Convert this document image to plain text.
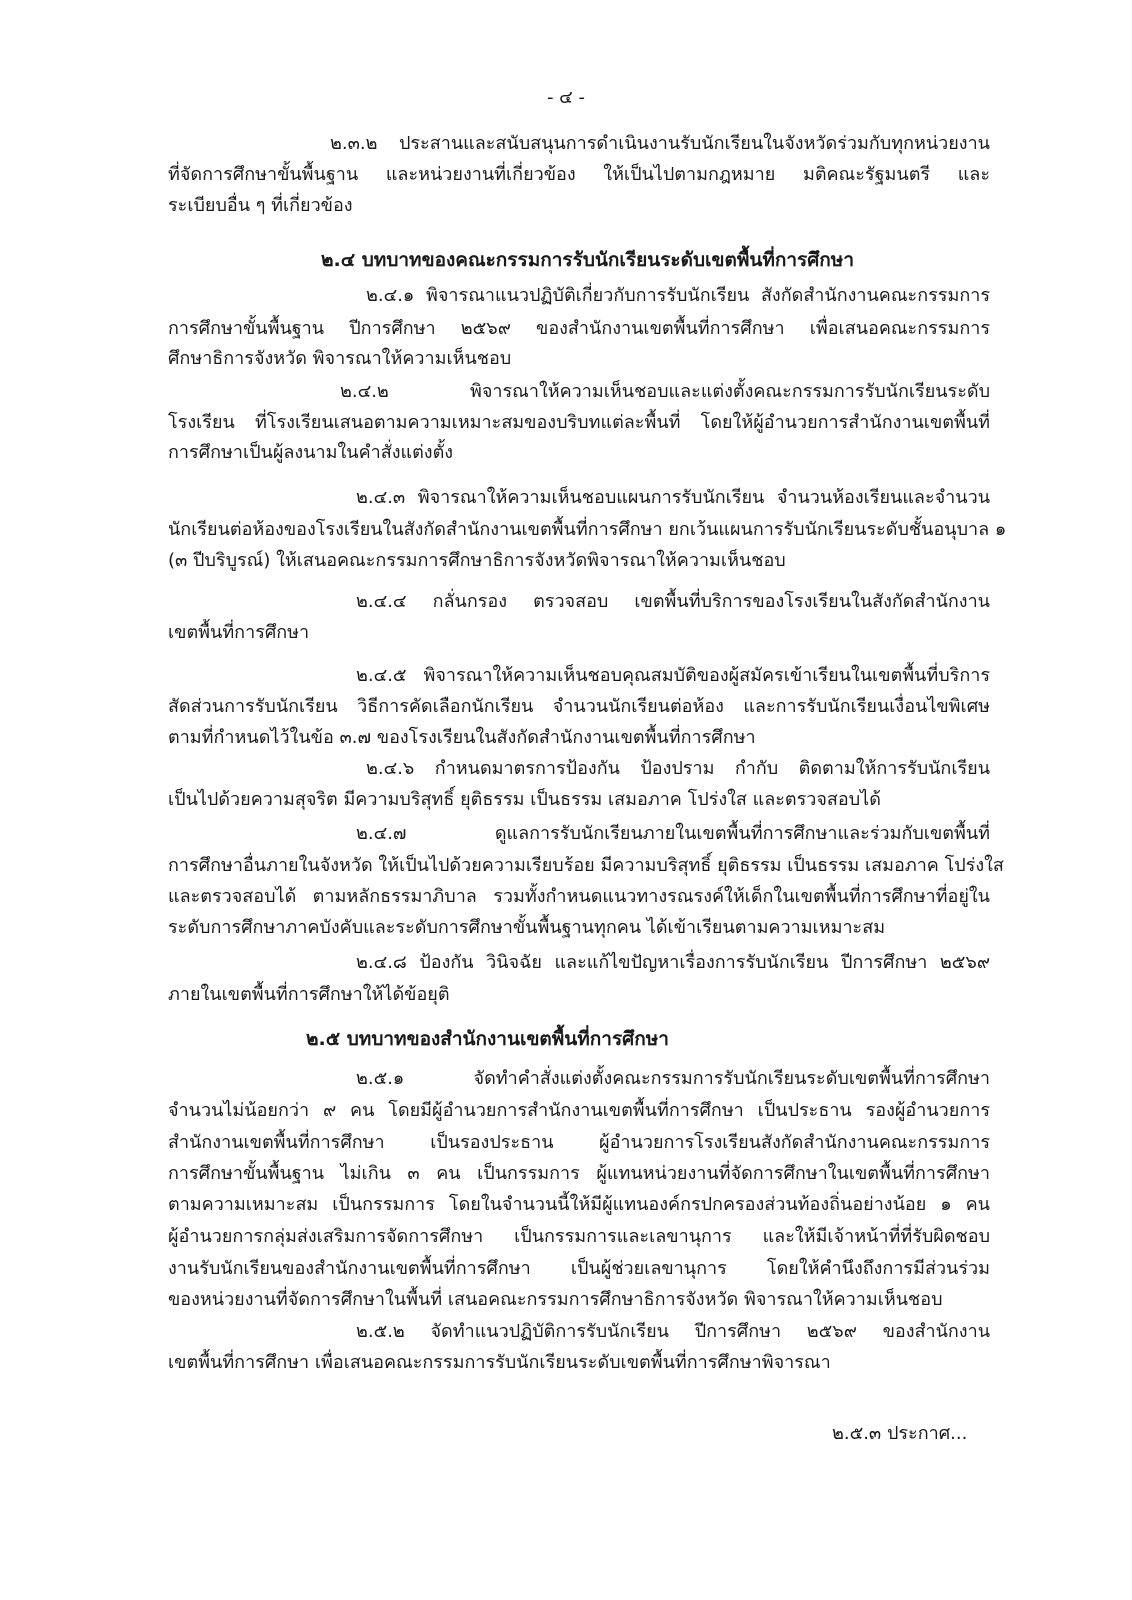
- ๔ -
๒.๓.๒ ประสานและสนับสนุนการดำเนินงานรับนักเรียนในจังหวัดร่วมกับทุกหน่วยงาน
ที่จัดการศึกษาขั้นพื้นฐาน และหน่วยงานที่เกี่ยวข้อง ให้เป็นไปตามกฎหมาย มติคณะรัฐมนตรี และ
ระเบียบอื่น ๆ ที่เกี่ยวข้อง
๒.๔ บทบาทของคณะกรรมการรับนักเรียนระดับเขตพื้นที่การศึกษา
๒.๔.๑ พิจารณาแนวปฏิบัติเกี่ยวกับการรับนักเรียน สังกัดสำนักงานคณะกรรมการ
การศึกษาขั้นพื้นฐาน ปีการศึกษา ๒๕๖๙ ของสำนักงานเขตพื้นที่การศึกษา เพื่อเสนอคณะกรรมการ
ศึกษาธิการจังหวัด พิจารณาให้ความเห็นชอบ
๒.๔.๒ พิจารณาให้ความเห็นชอบและแต่งตั้งคณะกรรมการรับนักเรียนระดับ
โรงเรียน ที่โรงเรียนเสนอตามความเหมาะสมของบริบทแต่ละพื้นที่ โดยให้ผู้อำนวยการสำนักงานเขตพื้นที่
การศึกษาเป็นผู้ลงนามในคำสั่งแต่งตั้ง
๒.๔.๓ พิจารณาให้ความเห็นชอบแผนการรับนักเรียน จำนวนห้องเรียนและจำนวน
นักเรียนต่อห้องของโรงเรียนในสังกัดสำนักงานเขตพื้นที่การศึกษา ยกเว้นแผนการรับนักเรียนระดับชั้นอนุบาล ๑
(๓ ปีบริบูรณ์) ให้เสนอคณะกรรมการศึกษาธิการจังหวัดพิจารณาให้ความเห็นชอบ
๒.๔.๔ กลั่นกรอง ตรวจสอบ เขตพื้นที่บริการของโรงเรียนในสังกัดสำนักงาน
เขตพื้นที่การศึกษา
๒.๔.๕ พิจารณาให้ความเห็นชอบคุณสมบัติของผู้สมัครเข้าเรียนในเขตพื้นที่บริการ
สัดส่วนการรับนักเรียน วิธีการคัดเลือกนักเรียน จำนวนนักเรียนต่อห้อง และการรับนักเรียนเงื่อนไขพิเศษ
ตามที่กำหนดไว้ในข้อ ๓.๗ ของโรงเรียนในสังกัดสำนักงานเขตพื้นที่การศึกษา
๒.๔.๖ กำหนดมาตรการป้องกัน ป้องปราม กำกับ ติดตามให้การรับนักเรียน
เป็นไปด้วยความสุจริต มีความบริสุทธิ์ ยุติธรรม เป็นธรรม เสมอภาค โปร่งใส และตรวจสอบได้
๒.๔.๗ ดูแลการรับนักเรียนภายในเขตพื้นที่การศึกษาและร่วมกับเขตพื้นที่
การศึกษาอื่นภายในจังหวัด ให้เป็นไปด้วยความเรียบร้อย มีความบริสุทธิ์ ยุติธรรม เป็นธรรม เสมอภาค โปร่งใส
และตรวจสอบได้ ตามหลักธรรมาภิบาล รวมทั้งกำหนดแนวทางรณรงค์ให้เด็กในเขตพื้นที่การศึกษาที่อยู่ใน
ระดับการศึกษาภาคบังคับและระดับการศึกษาขั้นพื้นฐานทุกคน ได้เข้าเรียนตามความเหมาะสม
๒.๔.๘ ป้องกัน วินิจฉัย และแก้ไขปัญหาเรื่องการรับนักเรียน ปีการศึกษา ๒๕๖๙
ภายในเขตพื้นที่การศึกษาให้ได้ข้อยุติ
๒.๕ บทบาทของสำนักงานเขตพื้นที่การศึกษา
๒.๕.๑ จัดทำคำสั่งแต่งตั้งคณะกรรมการรับนักเรียนระดับเขตพื้นที่การศึกษา
จำนวนไม่น้อยกว่า ๙ คน โดยมีผู้อำนวยการสำนักงานเขตพื้นที่การศึกษา เป็นประธาน รองผู้อำนวยการ
สำนักงานเขตพื้นที่การศึกษา เป็นรองประธาน ผู้อำนวยการโรงเรียนสังกัดสำนักงานคณะกรรมการ
การศึกษาขั้นพื้นฐาน ไม่เกิน ๓ คน เป็นกรรมการ ผู้แทนหน่วยงานที่จัดการศึกษาในเขตพื้นที่การศึกษา
ตามความเหมาะสม เป็นกรรมการ โดยในจำนวนนี้ให้มีผู้แทนองค์กรปกครองส่วนท้องถิ่นอย่างน้อย ๑ คน
ผู้อำนวยการกลุ่มส่งเสริมการจัดการศึกษา เป็นกรรมการและเลขานุการ และให้มีเจ้าหน้าที่ที่รับผิดชอบ
งานรับนักเรียนของสำนักงานเขตพื้นที่การศึกษา เป็นผู้ช่วยเลขานุการ โดยให้คำนึงถึงการมีส่วนร่วม
ของหน่วยงานที่จัดการศึกษาในพื้นที่ เสนอคณะกรรมการศึกษาธิการจังหวัด พิจารณาให้ความเห็นชอบ
๒.๕.๒ จัดทำแนวปฏิบัติการรับนักเรียน ปีการศึกษา ๒๕๖๙ ของสำนักงาน
เขตพื้นที่การศึกษา เพื่อเสนอคณะกรรมการรับนักเรียนระดับเขตพื้นที่การศึกษาพิจารณา
๒.๕.๓ ประกาศ...
